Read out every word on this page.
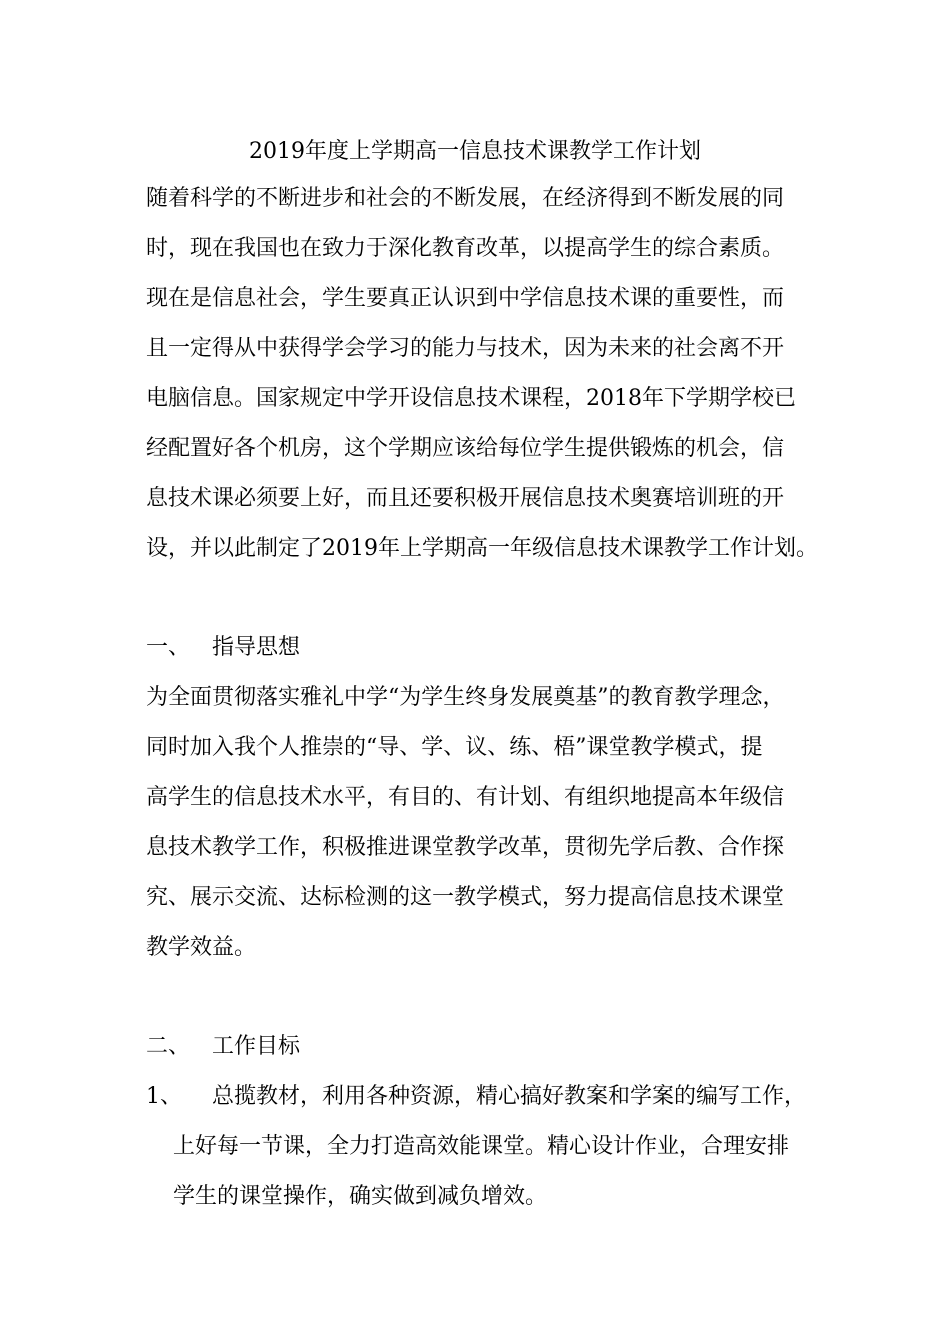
2019年度上学期高一信息技术课教学工作计划
随着科学的不断进步和社会的不断发展，在经济得到不断发展的同
时，现在我国也在致力于深化教育改革，以提高学生的综合素质。
现在是信息社会，学生要真正认识到中学信息技术课的重要性，而
且一定得从中获得学会学习的能力与技术，因为未来的社会离不开
电脑信息。国家规定中学开设信息技术课程，2018年下学期学校已
经配置好各个机房，这个学期应该给每位学生提供锻炼的机会，信
息技术课必须要上好，而且还要积极开展信息技术奥赛培训班的开
设，并以此制定了2019年上学期高一年级信息技术课教学工作计划。
一、 指导思想
为全面贯彻落实雅礼中学“为学生终身发展奠基”的教育教学理念，
同时加入我个人推崇的“导、学、议、练、梧”课堂教学模式，提
高学生的信息技术水平，有目的、有计划、有组织地提高本年级信
息技术教学工作，积极推进课堂教学改革，贯彻先学后教、合作探
究、展示交流、达标检测的这一教学模式，努力提高信息技术课堂
教学效益。
二、 工作目标
1、 总揽教材，利用各种资源，精心搞好教案和学案的编写工作，
上好每一节课，全力打造高效能课堂。精心设计作业，合理安排
学生的课堂操作，确实做到减负增效。
